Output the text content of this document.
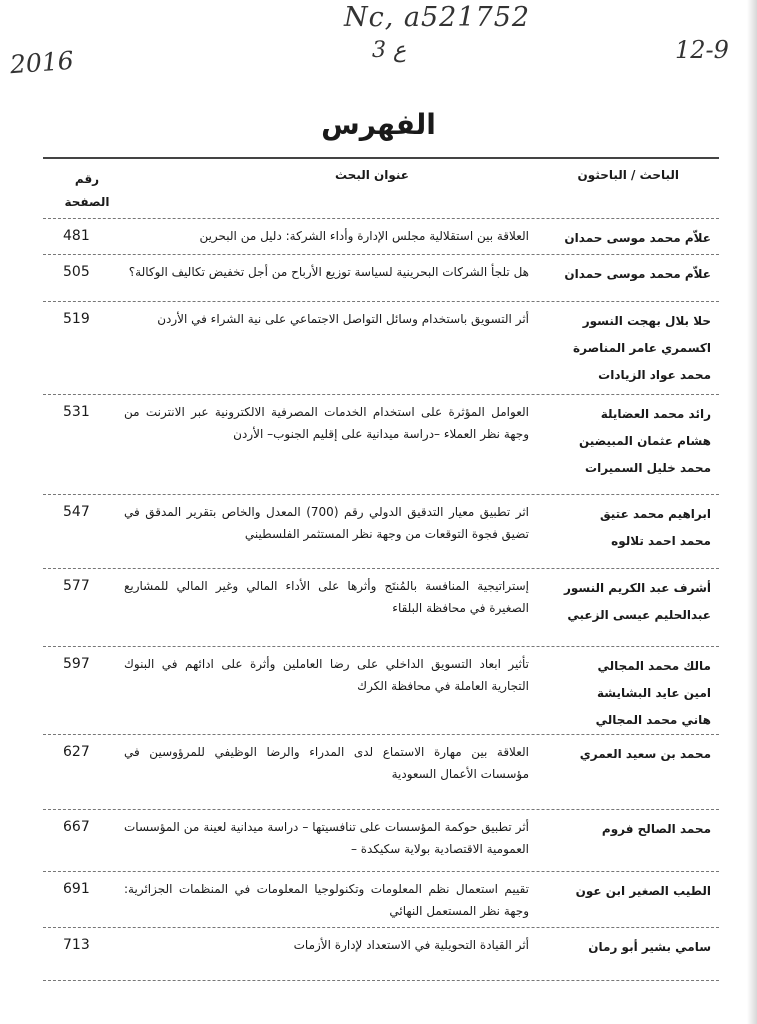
Nc, a521752
2016	ع 3	12-9
الفهرس
الباحث / الباحثون
عنوان البحث
رقم
الصفحة
علاّم محمد موسى حمدان
العلاقة بين استقلالية مجلس الإدارة وأداء الشركة: دليل من البحرين
481
علاّم محمد موسى حمدان
هل تلجأ الشركات البحرينية لسياسة توزيع الأرباح من أجل تخفيض تكاليف الوكالة؟
505
حلا بلال بهجت النسور
اكسمري عامر المناصرة
محمد عواد الزيادات
أثر التسويق باستخدام وسائل التواصل الاجتماعي على نية الشراء في الأردن
519
رائد محمد العضايلة
هشام عثمان المبيضين
محمد خليل السميرات
العوامل المؤثرة على استخدام الخدمات المصرفية الالكترونية عبر الانترنت من وجهة نظر العملاء –دراسة ميدانية على إقليم الجنوب– الأردن
531
ابراهيم محمد عتيق
محمد احمد تلالوه
اثر تطبيق معيار التدقيق الدولي رقم (700) المعدل والخاص بتقرير المدقق في تضيق فجوة التوقعات من وجهة نظر المستثمر الفلسطيني
547
أشرف عبد الكريم النسور
عبدالحليم عيسى الزعبي
إستراتيجية المنافسة بالمُنتَج وأثرها على الأداء المالي وغير المالي للمشاريع الصغيرة في محافظة البلقاء
577
مالك محمد المجالي
امين عايد البشايشة
هاني محمد المجالي
تأثير ابعاد التسويق الداخلي على رضا العاملين وأثرة على ادائهم في البنوك التجارية العاملة في محافظة الكرك
597
محمد بن سعيد العمري
العلاقة بين مهارة الاستماع لدى المدراء والرضا الوظيفي للمرؤوسين في مؤسسات الأعمال السعودية
627
محمد الصالح فروم
أثر تطبيق حوكمة المؤسسات على تنافسيتها – دراسة ميدانية لعينة من المؤسسات العمومية الاقتصادية بولاية سكيكدة –
667
الطيب الصغير ابن عون
تقييم استعمال نظم المعلومات وتكنولوجيا المعلومات في المنظمات الجزائرية: وجهة نظر المستعمل النهائي
691
سامي بشير أبو رمان
أثر القيادة التحويلية في الاستعداد لإدارة الأزمات
713
